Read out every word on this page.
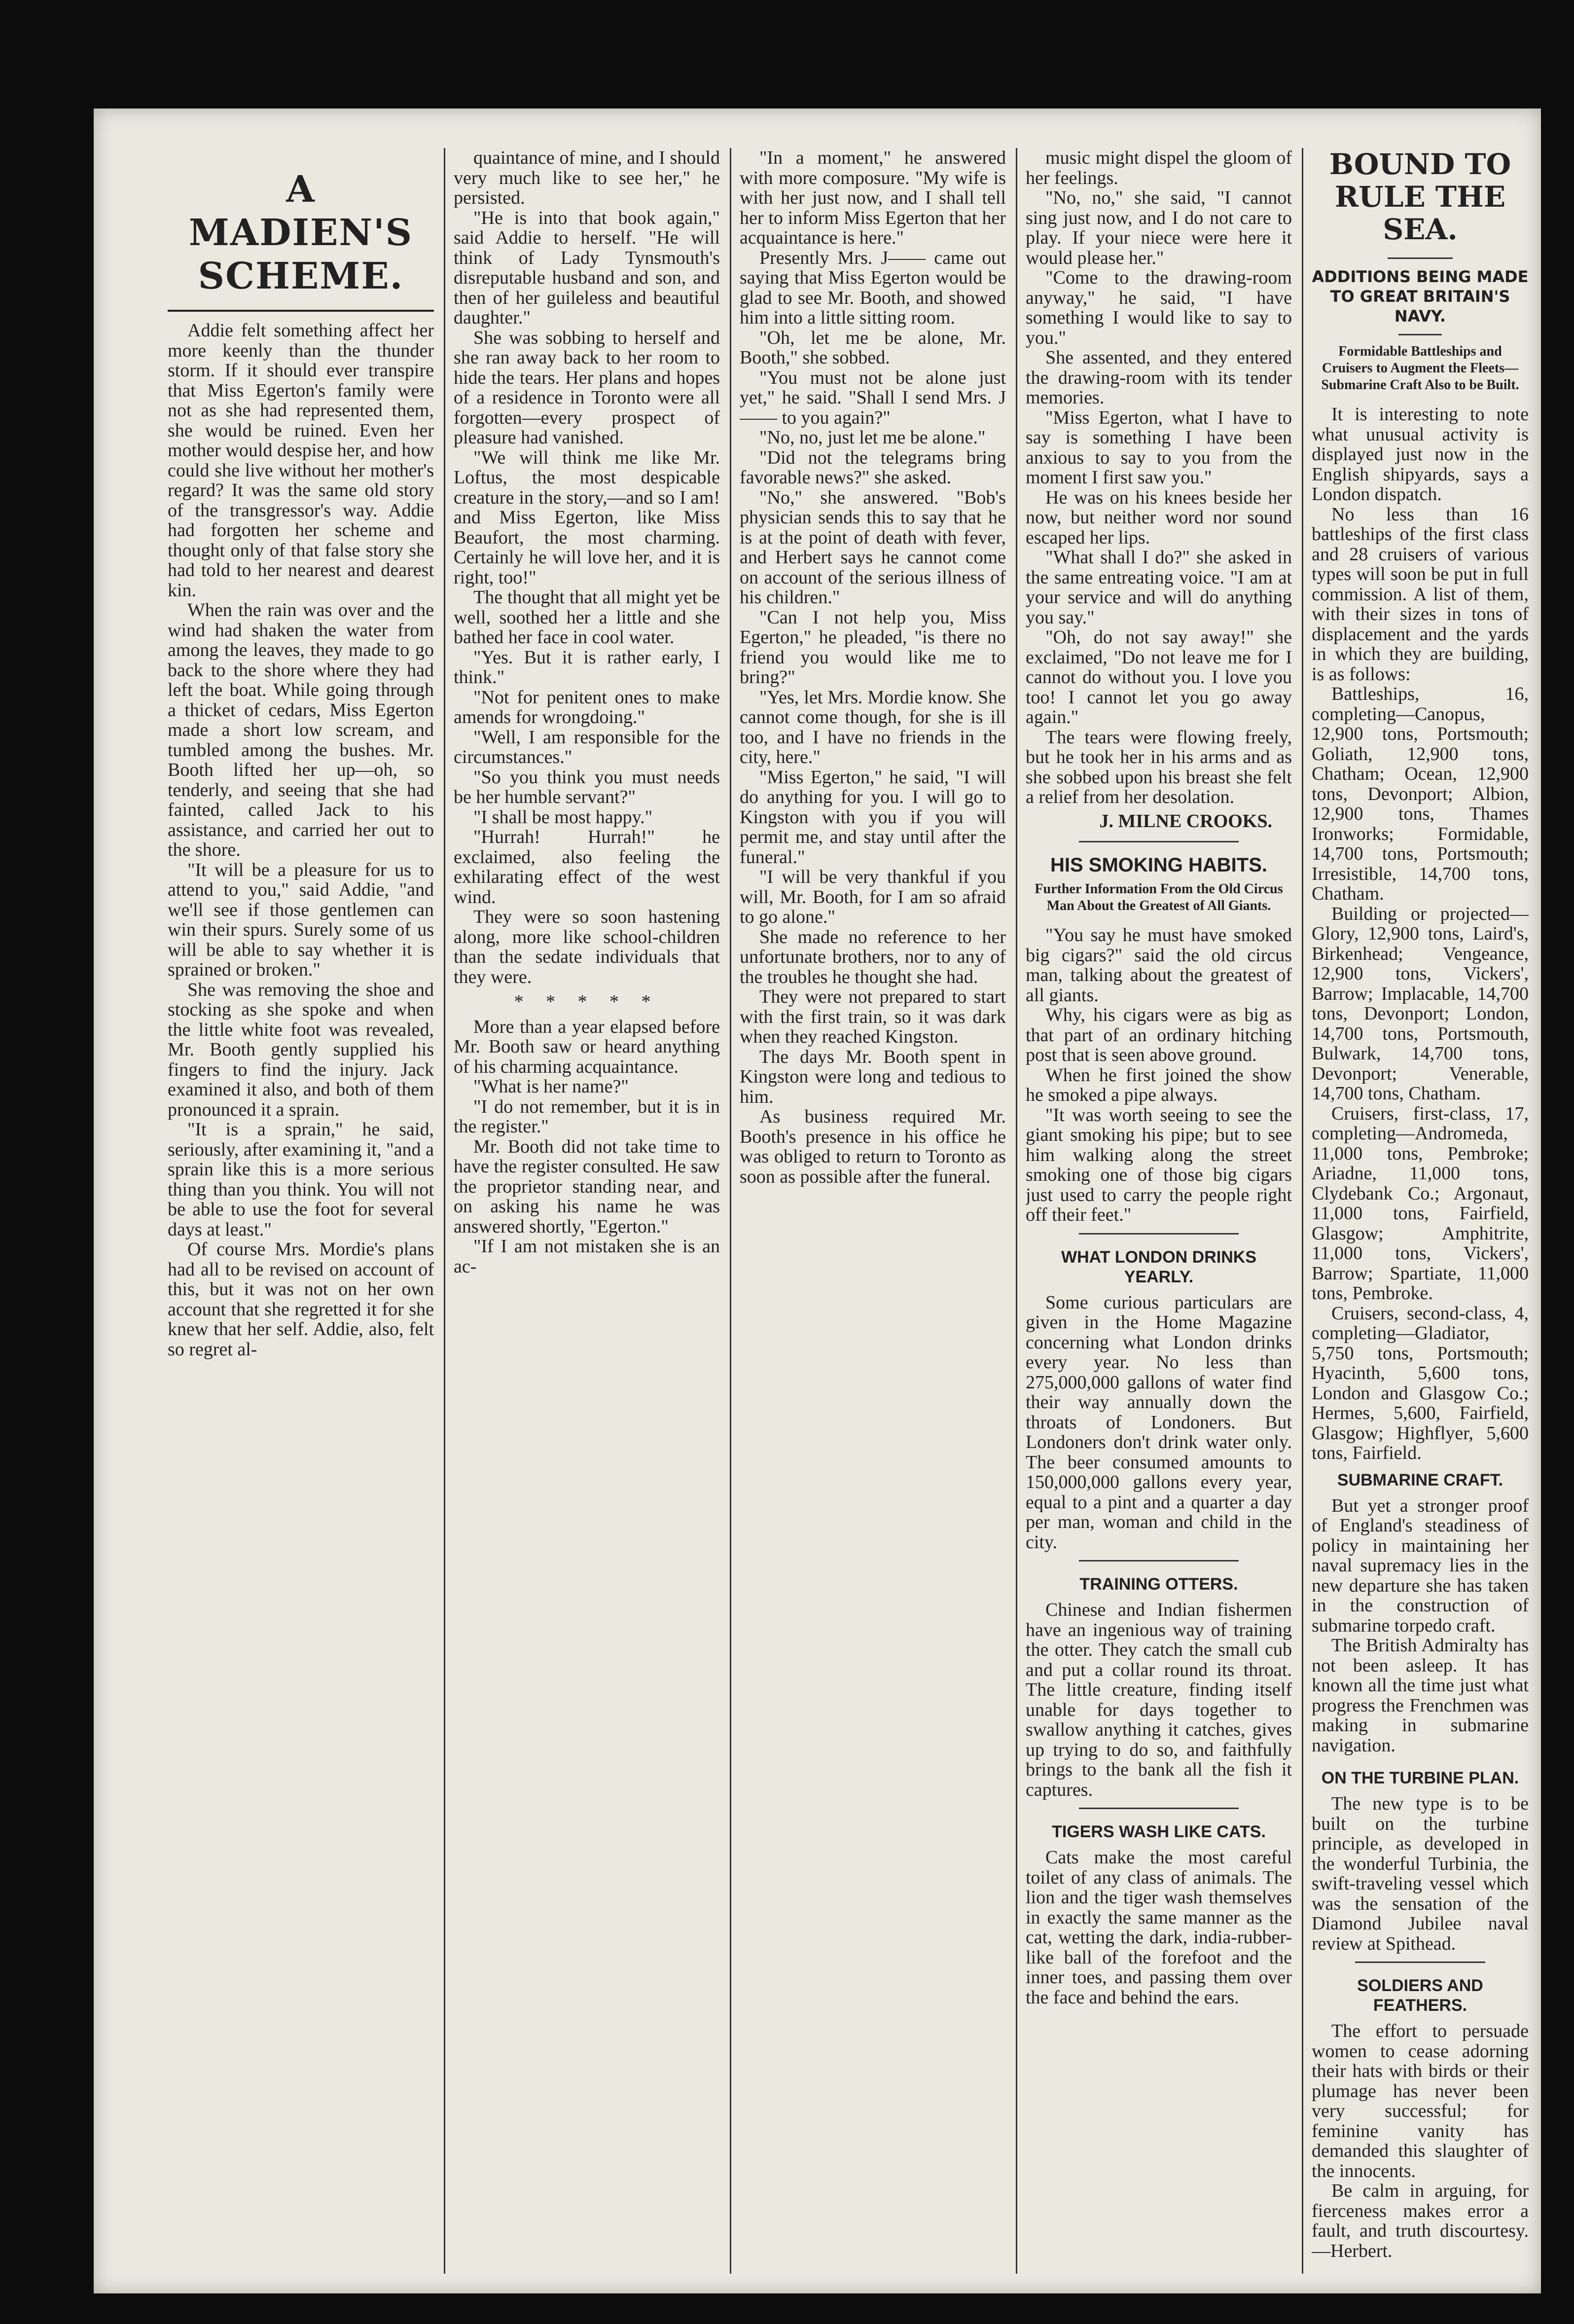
A MADIEN'S SCHEME.

Addie felt something affect her more keenly than the thunder storm. If it should ever transpire that Miss Egerton's family were not as she had represented them, she would be ruined. Even her mother would despise her, and how could she live without her mother's regard? It was the same old story of the transgressor's way. Addie had forgotten her scheme and thought only of that false story she had told to her nearest and dearest kin.

When the rain was over and the wind had shaken the water from among the leaves, they made to go back to the shore where they had left the boat. While going through a thicket of cedars, Miss Egerton made a short low scream, and tumbled among the bushes. Mr. Booth lifted her up—oh, so tenderly, and seeing that she had fainted, called Jack to his assistance, and carried her out to the shore.

"It will be a pleasure for us to attend to you," said Addie, "and we'll see if those gentlemen can win their spurs. Surely some of us will be able to say whether it is sprained or broken."

She was removing the shoe and stocking as she spoke and when the little white foot was revealed, Mr. Booth gently supplied his fingers to find the injury. Jack examined it also, and both of them pronounced it a sprain.

"It is a sprain," he said, seriously, after examining it, "and a sprain like this is a more serious thing than you think. You will not be able to use the foot for several days at least."

Of course Mrs. Mordie's plans had all to be revised on account of this, but it was not on her own account that she regretted it for she knew that her self. Addie, also, felt so regret al-

quaintance of mine, and I should very much like to see her," he persisted.

"He is into that book again," said Addie to herself. "He will think of Lady Tynsmouth's disreputable husband and son, and then of her guileless and beautiful daughter."

She was sobbing to herself and she ran away back to her room to hide the tears. Her plans and hopes of a residence in Toronto were all forgotten—every prospect of pleasure had vanished.

"We will think me like Mr. Loftus, the most despicable creature in the story,—and so I am! and Miss Egerton, like Miss Beaufort, the most charming. Certainly he will love her, and it is right, too!"

The thought that all might yet be well, soothed her a little and she bathed her face in cool water.

"Yes. But it is rather early, I think."

"Not for penitent ones to make amends for wrongdoing."

"Well, I am responsible for the circumstances."

"So you think you must needs be her humble servant?"

"I shall be most happy."

"Hurrah! Hurrah!" he exclaimed, also feeling the exhilarating effect of the west wind.

They were so soon hastening along, more like school-children than the sedate individuals that they were.

* * * * *

More than a year elapsed before Mr. Booth saw or heard anything of his charming acquaintance.

"What is her name?"

"I do not remember, but it is in the register."

Mr. Booth did not take time to have the register consulted. He saw the proprietor standing near, and on asking his name he was answered shortly, "Egerton."

"If I am not mistaken she is an ac-

"In a moment," he answered with more composure. "My wife is with her just now, and I shall tell her to inform Miss Egerton that her acquaintance is here."

Presently Mrs. J—— came out saying that Miss Egerton would be glad to see Mr. Booth, and showed him into a little sitting room.

"Oh, let me be alone, Mr. Booth," she sobbed.

"You must not be alone just yet," he said. "Shall I send Mrs. J—— to you again?"

"No, no, just let me be alone."

"Did not the telegrams bring favorable news?" she asked.

"No," she answered. "Bob's physician sends this to say that he is at the point of death with fever, and Herbert says he cannot come on account of the serious illness of his children."

"Can I not help you, Miss Egerton," he pleaded, "is there no friend you would like me to bring?"

"Yes, let Mrs. Mordie know. She cannot come though, for she is ill too, and I have no friends in the city, here."

"Miss Egerton," he said, "I will do anything for you. I will go to Kingston with you if you will permit me, and stay until after the funeral."

"I will be very thankful if you will, Mr. Booth, for I am so afraid to go alone."

She made no reference to her unfortunate brothers, nor to any of the troubles he thought she had.

They were not prepared to start with the first train, so it was dark when they reached Kingston.

The days Mr. Booth spent in Kingston were long and tedious to him.

As business required Mr. Booth's presence in his office he was obliged to return to Toronto as soon as possible after the funeral.

music might dispel the gloom of her feelings.

"No, no," she said, "I cannot sing just now, and I do not care to play. If your niece were here it would please her."

"Come to the drawing-room anyway," he said, "I have something I would like to say to you."

She assented, and they entered the drawing-room with its tender memories.

"Miss Egerton, what I have to say is something I have been anxious to say to you from the moment I first saw you."

He was on his knees beside her now, but neither word nor sound escaped her lips.

"What shall I do?" she asked in the same entreating voice. "I am at your service and will do anything you say."

"Oh, do not say away!" she exclaimed, "Do not leave me for I cannot do without you. I love you too! I cannot let you go away again."

The tears were flowing freely, but he took her in his arms and as she sobbed upon his breast she felt a relief from her desolation.

J. MILNE CROOKS.
HIS SMOKING HABITS.
Further Information From the Old Circus Man About the Greatest of All Giants.

"You say he must have smoked big cigars?" said the old circus man, talking about the greatest of all giants.

Why, his cigars were as big as that part of an ordinary hitching post that is seen above ground.

When he first joined the show he smoked a pipe always.

"It was worth seeing to see the giant smoking his pipe; but to see him walking along the street smoking one of those big cigars just used to carry the people right off their feet."

WHAT LONDON DRINKS YEARLY.

Some curious particulars are given in the Home Magazine concerning what London drinks every year. No less than 275,000,000 gallons of water find their way annually down the throats of Londoners. But Londoners don't drink water only. The beer consumed amounts to 150,000,000 gallons every year, equal to a pint and a quarter a day per man, woman and child in the city.

TRAINING OTTERS.

Chinese and Indian fishermen have an ingenious way of training the otter. They catch the small cub and put a collar round its throat. The little creature, finding itself unable for days together to swallow anything it catches, gives up trying to do so, and faithfully brings to the bank all the fish it captures.

TIGERS WASH LIKE CATS.

Cats make the most careful toilet of any class of animals. The lion and the tiger wash themselves in exactly the same manner as the cat, wetting the dark, india-rubber-like ball of the forefoot and the inner toes, and passing them over the face and behind the ears.

BOUND TO RULE THE SEA.
ADDITIONS BEING MADE TO GREAT BRITAIN'S NAVY.
Formidable Battleships and Cruisers to Augment the Fleets—Submarine Craft Also to be Built.

It is interesting to note what unusual activity is displayed just now in the English shipyards, says a London dispatch.

No less than 16 battleships of the first class and 28 cruisers of various types will soon be put in full commission. A list of them, with their sizes in tons of displacement and the yards in which they are building, is as follows:

Battleships, 16, completing—Canopus, 12,900 tons, Portsmouth; Goliath, 12,900 tons, Chatham; Ocean, 12,900 tons, Devonport; Albion, 12,900 tons, Thames Ironworks; Formidable, 14,700 tons, Portsmouth; Irresistible, 14,700 tons, Chatham.

Building or projected—Glory, 12,900 tons, Laird's, Birkenhead; Vengeance, 12,900 tons, Vickers', Barrow; Implacable, 14,700 tons, Devonport; London, 14,700 tons, Portsmouth, Bulwark, 14,700 tons, Devonport; Venerable, 14,700 tons, Chatham.

Cruisers, first-class, 17, completing—Andromeda, 11,000 tons, Pembroke; Ariadne, 11,000 tons, Clydebank Co.; Argonaut, 11,000 tons, Fairfield, Glasgow; Amphitrite, 11,000 tons, Vickers', Barrow; Spartiate, 11,000 tons, Pembroke.

Cruisers, second-class, 4, completing—Gladiator, 5,750 tons, Portsmouth; Hyacinth, 5,600 tons, London and Glasgow Co.; Hermes, 5,600, Fairfield, Glasgow; Highflyer, 5,600 tons, Fairfield.

SUBMARINE CRAFT.

But yet a stronger proof of England's steadiness of policy in maintaining her naval supremacy lies in the new departure she has taken in the construction of submarine torpedo craft.

The British Admiralty has not been asleep. It has known all the time just what progress the Frenchmen was making in submarine navigation.

ON THE TURBINE PLAN.

The new type is to be built on the turbine principle, as developed in the wonderful Turbinia, the swift-traveling vessel which was the sensation of the Diamond Jubilee naval review at Spithead.

SOLDIERS AND FEATHERS.

The effort to persuade women to cease adorning their hats with birds or their plumage has never been very successful; for feminine vanity has demanded this slaughter of the innocents.

Be calm in arguing, for fierceness makes error a fault, and truth discourtesy.—Herbert.
